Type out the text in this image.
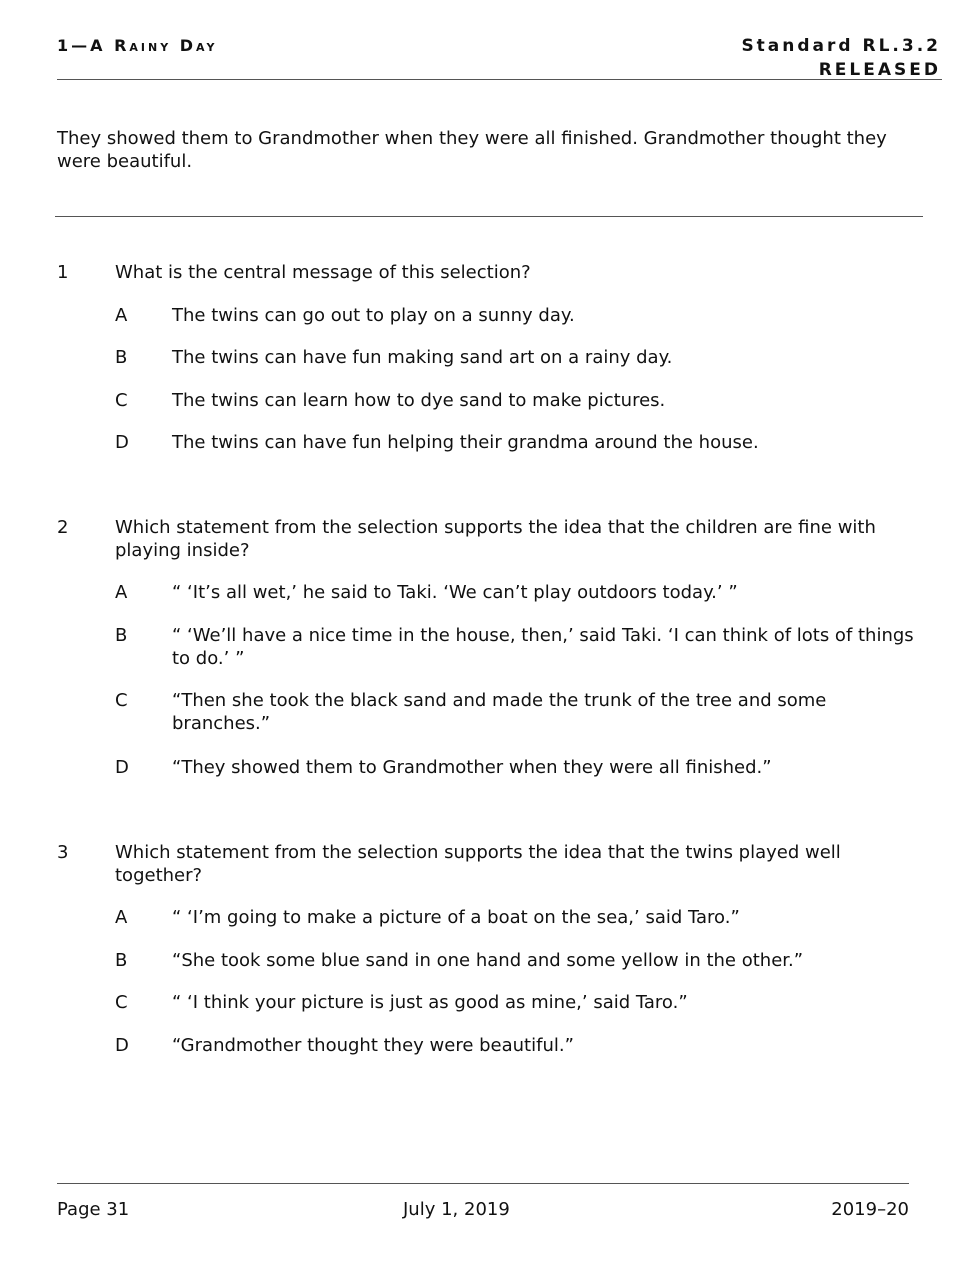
1—A Rainy Day	Standard RL.3.2
RELEASED
They showed them to Grandmother when they were all finished. Grandmother thought they were beautiful.
1	What is the central message of this selection?
A The twins can go out to play on a sunny day.
B The twins can have fun making sand art on a rainy day.
C The twins can learn how to dye sand to make pictures.
D The twins can have fun helping their grandma around the house.
2	Which statement from the selection supports the idea that the children are fine with playing inside?
A “ ‘It’s all wet,’ he said to Taki. ‘We can’t play outdoors today.’ ”
B “ ‘We’ll have a nice time in the house, then,’ said Taki. ‘I can think of lots of things to do.’ ”
C “Then she took the black sand and made the trunk of the tree and some branches.”
D “They showed them to Grandmother when they were all finished.”
3	Which statement from the selection supports the idea that the twins played well together?
A “ ‘I’m going to make a picture of a boat on the sea,’ said Taro.”
B “She took some blue sand in one hand and some yellow in the other.”
C “ ‘I think your picture is just as good as mine,’ said Taro.”
D “Grandmother thought they were beautiful.”
Page 31	July 1, 2019	2019–20
